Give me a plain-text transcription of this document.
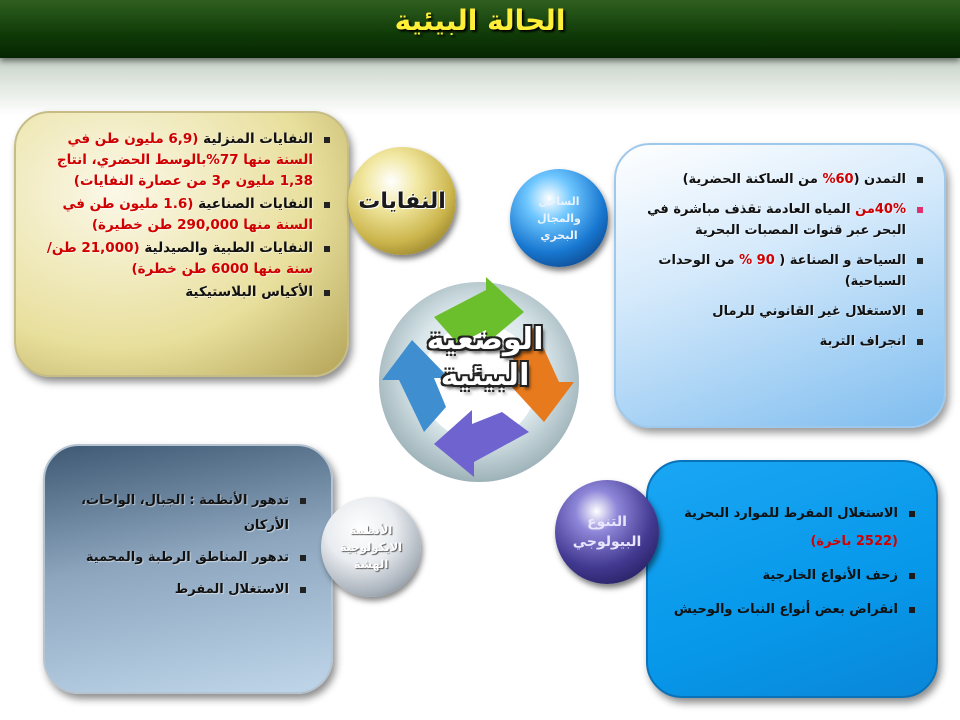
الحالة البيئية
النفايات المنزلية (6,9 مليون طن في السنة منها 77%بالوسط الحضري، انتاج 1,38 مليون م3 من عصارة النفايات)
النفايات الصناعية (1.6 مليون طن في السنة منها 290,000 طن خطيرة)
النفايات الطبية والصيدلية (21,000 طن/سنة منها 6000 طن خطرة)
الأكياس البلاستيكية
التمدن (60% من الساكنة الحضرية)
40%من المياه العادمة تقذف مباشرة في البحر عبر قنوات المصبات البحرية
السياحة و الصناعة ( 90 % من الوحدات السياحية)
الاستغلال غير القانوني للرمال
انجراف التربة
تدهور الأنظمة : الجبال، الواحات، الأركان
تدهور المناطق الرطبة والمحمية
الاستغلال المفرط
الاستغلال المفرط للموارد البحرية (2522 باخرة)
زحف الأنواع الخارجية
انقراض بعض أنواع النبات والوحيش
الوضعية
البيئية
النفايات	الساحل
والمجال البحري
الأنظمة
الايكولوجية
الهشة
التنوع
البيولوجي
